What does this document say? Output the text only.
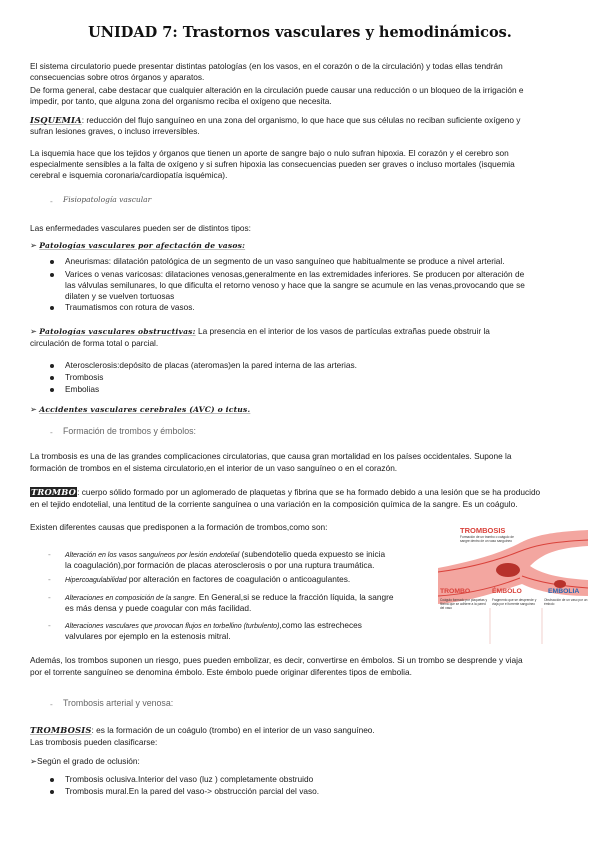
UNIDAD 7: Trastornos vasculares y hemodinámicos.
El sistema circulatorio puede presentar distintas patologías (en los vasos, en el corazón o de la circulación) y todas ellas tendrán
consecuencias sobre otros órganos y aparatos.
De forma general, cabe destacar que cualquier alteración en la circulación puede causar una reducción o un bloqueo de la irrigación e
impedir, por tanto, que alguna zona del organismo reciba el oxígeno que necesita.
ISQUEMIA: reducción del flujo sanguíneo en una zona del organismo, lo que hace que sus células no reciban suficiente oxígeno y
sufran lesiones graves, o incluso irreversibles.
La isquemia hace que los tejidos y órganos que tienen un aporte de sangre bajo o nulo sufran hipoxia. El corazón y el cerebro son
especialmente sensibles a la falta de oxígeno y si sufren hipoxia las consecuencias pueden ser graves o incluso mortales (isquemia
cerebral e isquemia coronaria/cardiopatía isquémica).
- Fisiopatología vascular
Las enfermedades vasculares pueden ser de distintos tipos:
➢ Patologías vasculares por afectación de vasos:
Aneurismas: dilatación patológica de un segmento de un vaso sanguíneo que habitualmente se produce a nivel arterial.
Varices o venas varicosas: dilataciones venosas,generalmente en las extremidades inferiores. Se producen por alteración de
las válvulas semilunares, lo que dificulta el retorno venoso y hace que la sangre se acumule en las venas,provocando que se
dilaten y se vuelven tortuosas
Traumatismos con rotura de vasos.
➢ Patologías vasculares obstructivas: La presencia en el interior de los vasos de partículas extrañas puede obstruir la
circulación de forma total o parcial.
Aterosclerosis:depósito de placas (ateromas)en la pared interna de las arterias.
Trombosis
Embolias
➢ Accidentes vasculares cerebrales (AVC) o ictus.
- Formación de trombos y émbolos:
La trombosis es una de las grandes complicaciones circulatorias, que causa gran mortalidad en los países occidentales. Supone la
formación de trombos en el sistema circulatorio,en el interior de un vaso sanguíneo o en el corazón.
TROMBO: cuerpo sólido formado por un aglomerado de plaquetas y fibrina que se ha formado debido a una lesión que se ha producido
en el tejido endotelial, una lentitud de la corriente sanguínea o una variación en la composición química de la sangre. Es un coágulo.
Existen diferentes causas que predisponen a la formación de trombos,como son:
- Alteración en los vasos sanguíneos por lesión endotelial (subendotelio queda expuesto se inicia
la coagulación),por formación de placas aterosclerosis o por una ruptura traumática.
- Hipercoagulabilidad por alteración en factores de coagulación o anticoagulantes.
- Alteraciones en composición de la sangre. En General,si se reduce la fracción líquida, la sangre
es más densa y puede coagular con más facilidad.
- Alteraciones vasculares que provocan flujos en torbellino (turbulento),como las estrecheces
valvulares por ejemplo en la estenosis mitral.
TROMBOSIS
Formación de un trombo o coágulo de sangre dentro de un vaso sanguíneo
TROMBO
Coágulo formado por plaquetas y fibrina que se adhiere a la pared del vaso
ÉMBOLO
Fragmento que se desprende y viaja por el torrente sanguíneo
EMBOLIA
Obstrucción de un vaso por un émbolo
Además, los trombos suponen un riesgo, pues pueden embolizar, es decir, convertirse en émbolos. Si un trombo se desprende y viaja
por el torrente sanguíneo se denomina émbolo. Este émbolo puede originar diferentes tipos de embolia.
- Trombosis arterial y venosa:
TROMBOSIS: es la formación de un coágulo (trombo) en el interior de un vaso sanguíneo.
Las trombosis pueden clasificarse:
➢Según el grado de oclusión:
Trombosis oclusiva.Interior del vaso (luz ) completamente obstruido
Trombosis mural.En la pared del vaso-> obstrucción parcial del vaso.
